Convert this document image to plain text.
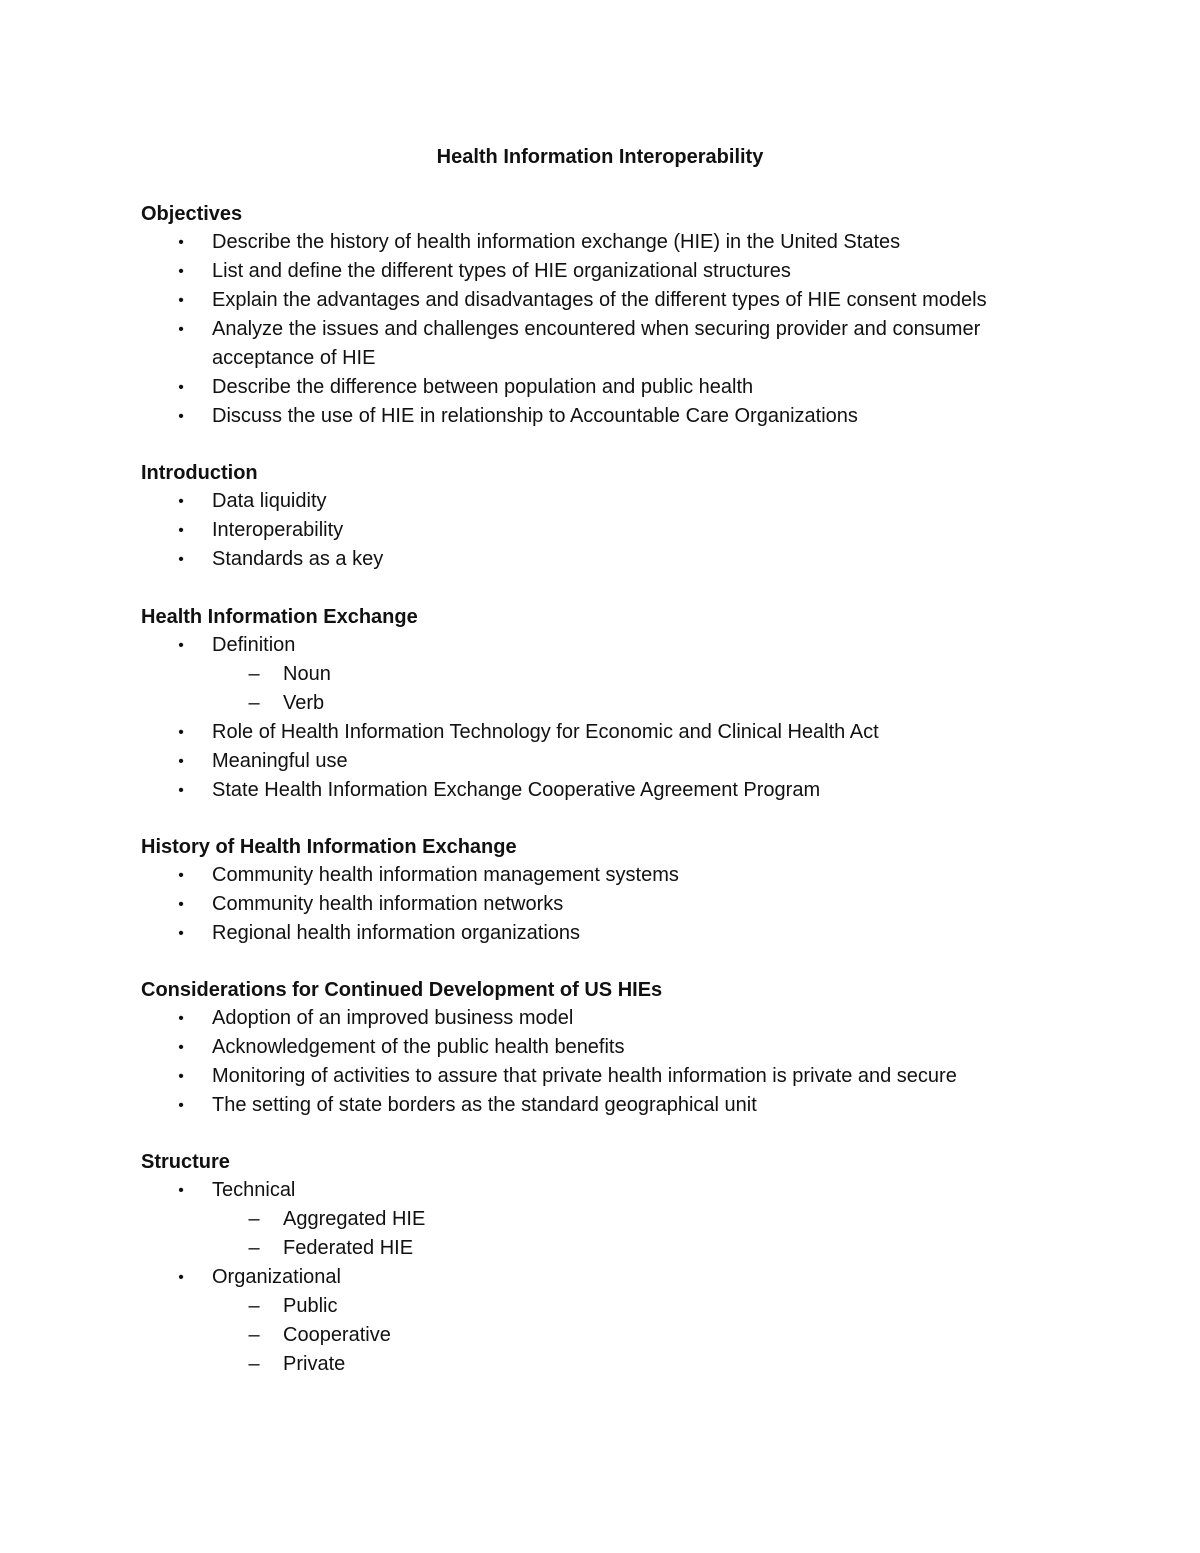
Health Information Interoperability
Objectives
• Describe the history of health information exchange (HIE) in the United States
• List and define the different types of HIE organizational structures
• Explain the advantages and disadvantages of the different types of HIE consent models
• Analyze the issues and challenges encountered when securing provider and consumer acceptance of HIE
• Describe the difference between population and public health
• Discuss the use of HIE in relationship to Accountable Care Organizations
Introduction
• Data liquidity
• Interoperability
• Standards as a key
Health Information Exchange
• Definition
– Noun
– Verb
• Role of Health Information Technology for Economic and Clinical Health Act
• Meaningful use
• State Health Information Exchange Cooperative Agreement Program
History of Health Information Exchange
• Community health information management systems
• Community health information networks
• Regional health information organizations
Considerations for Continued Development of US HIEs
• Adoption of an improved business model
• Acknowledgement of the public health benefits
• Monitoring of activities to assure that private health information is private and secure
• The setting of state borders as the standard geographical unit
Structure
• Technical
– Aggregated HIE
– Federated HIE
• Organizational
– Public
– Cooperative
– Private
